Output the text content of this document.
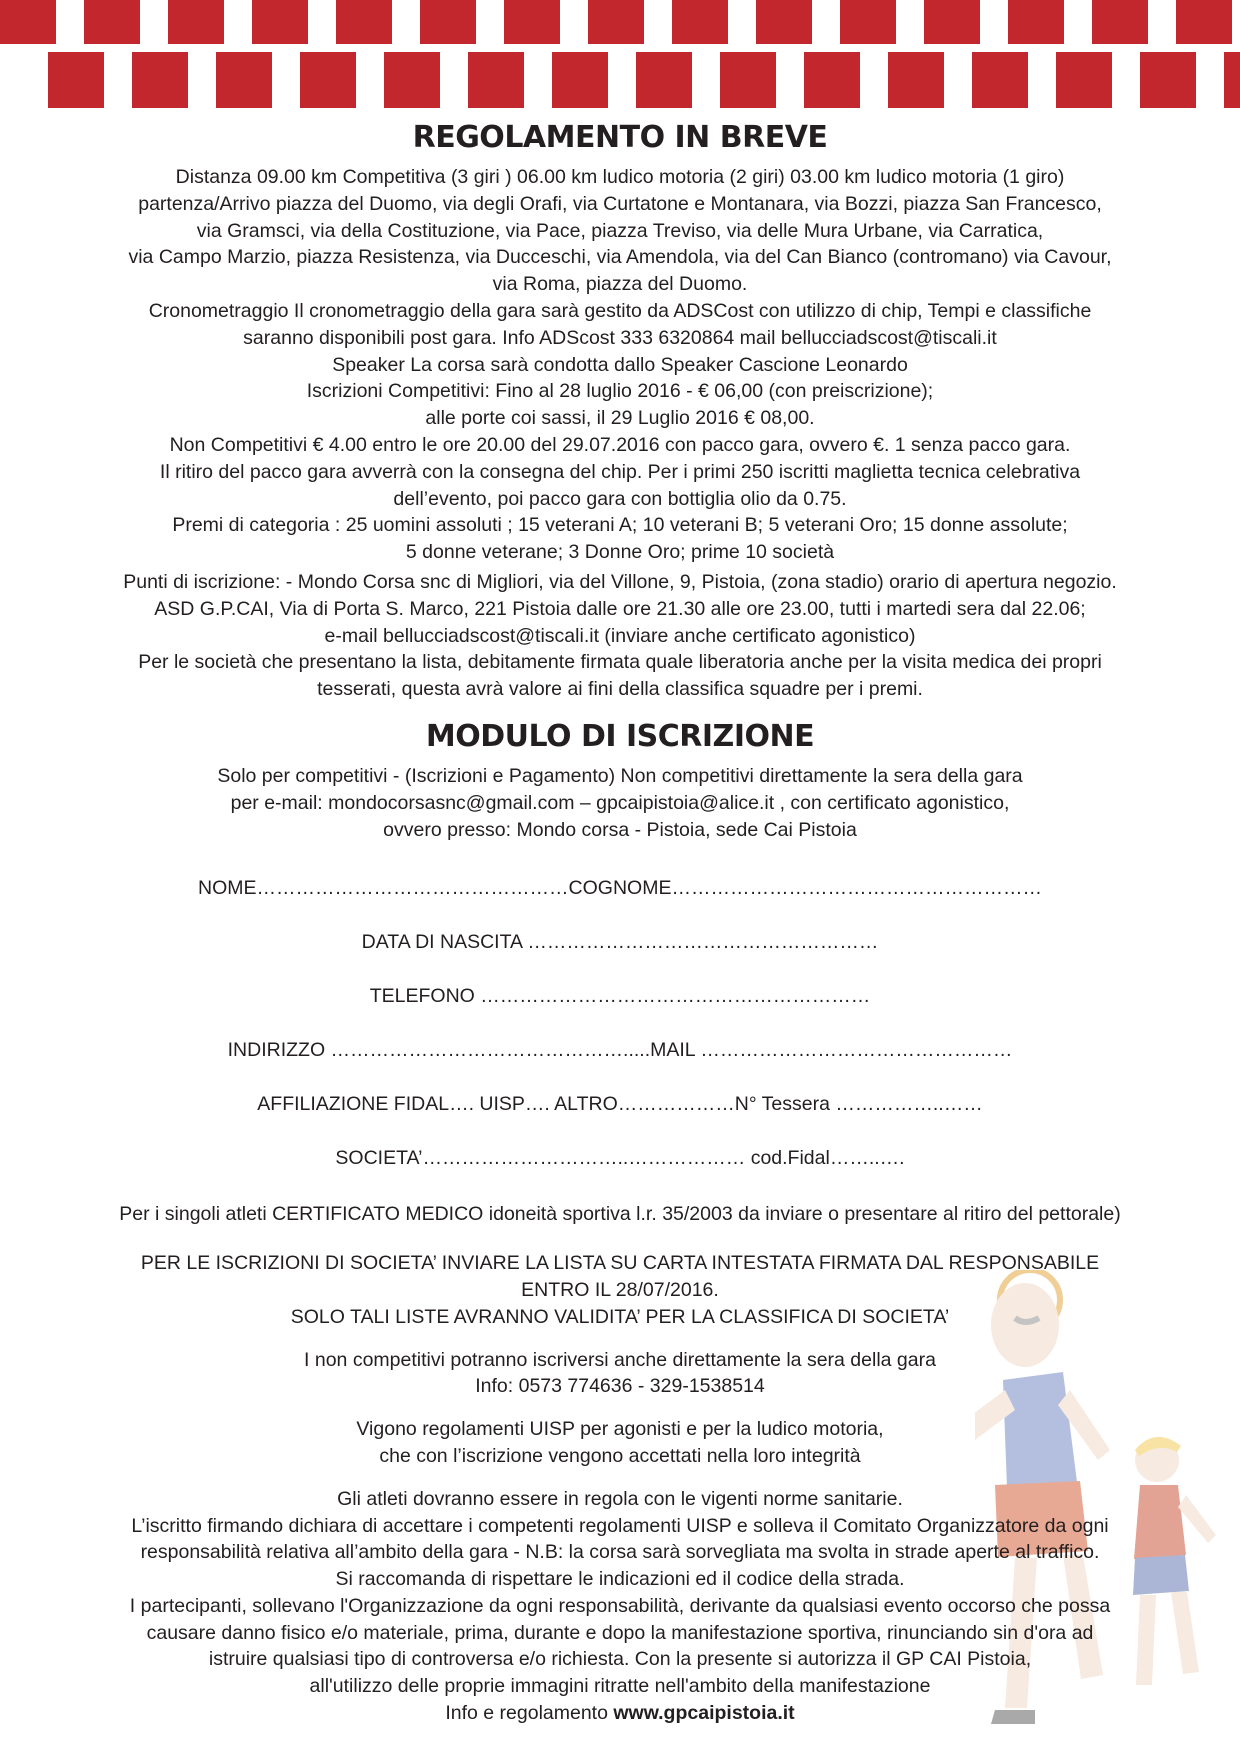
REGOLAMENTO IN BREVE

Distanza 09.00 km Competitiva (3 giri ) 06.00 km ludico motoria (2 giri) 03.00 km ludico motoria (1 giro)

partenza/Arrivo piazza del Duomo, via degli Orafi, via Curtatone e Montanara, via Bozzi, piazza San Francesco,

via Gramsci, via della Costituzione, via Pace, piazza Treviso, via delle Mura Urbane, via Carratica,

via Campo Marzio, piazza Resistenza, via Ducceschi, via Amendola, via del Can Bianco (contromano) via Cavour,

via Roma, piazza del Duomo.

Cronometraggio Il cronometraggio della gara sarà gestito da ADSCost con utilizzo di chip, Tempi e classifiche

saranno disponibili post gara. Info ADScost 333 6320864 mail bellucciadscost@tiscali.it

Speaker La corsa sarà condotta dallo Speaker Cascione Leonardo

Iscrizioni Competitivi: Fino al 28 luglio 2016 - € 06,00 (con preiscrizione);

alle porte coi sassi, il 29 Luglio 2016 € 08,00.

Non Competitivi € 4.00 entro le ore 20.00 del 29.07.2016 con pacco gara, ovvero €. 1 senza pacco gara.

Il ritiro del pacco gara avverrà con la consegna del chip. Per i primi 250 iscritti maglietta tecnica celebrativa

dell’evento, poi pacco gara con bottiglia olio da 0.75.

Premi di categoria : 25 uomini assoluti ; 15 veterani A; 10 veterani B; 5 veterani Oro; 15 donne assolute;

5 donne veterane; 3 Donne Oro; prime 10 società

Punti di iscrizione: - Mondo Corsa snc di Migliori, via del Villone, 9, Pistoia, (zona stadio) orario di apertura negozio.

ASD G.P.CAI, Via di Porta S. Marco, 221 Pistoia dalle ore 21.30 alle ore 23.00, tutti i martedi sera dal 22.06;

e-mail bellucciadscost@tiscali.it (inviare anche certificato agonistico)

Per le società che presentano la lista, debitamente firmata quale liberatoria anche per la visita medica dei propri

tesserati, questa avrà valore ai fini della classifica squadre per i premi.

MODULO DI ISCRIZIONE

Solo per competitivi - (Iscrizioni e Pagamento) Non competitivi direttamente la sera della gara

per e-mail: mondocorsasnc@gmail.com – gpcaipistoia@alice.it , con certificato agonistico,

ovvero presso: Mondo corsa - Pistoia, sede Cai Pistoia

NOME…………………………………………COGNOME…………………………………………………

DATA DI NASCITA ………………………………………………

TELEFONO ……………………………………………………

INDIRIZZO ……………………………………….....MAIL …………………………………………

AFFILIAZIONE FIDAL…. UISP…. ALTRO………………N° Tessera ……………..……

SOCIETA’…………………………..……………… cod.Fidal……..….

Per i singoli atleti CERTIFICATO MEDICO idoneità sportiva l.r. 35/2003 da inviare o presentare al ritiro del pettorale)

PER LE ISCRIZIONI DI SOCIETA’ INVIARE LA LISTA SU CARTA INTESTATA FIRMATA DAL RESPONSABILE

ENTRO IL 28/07/2016.

SOLO TALI LISTE AVRANNO VALIDITA’ PER LA CLASSIFICA DI SOCIETA’

I non competitivi potranno iscriversi anche direttamente la sera della gara

Info: 0573 774636 - 329-1538514

Vigono regolamenti UISP per agonisti e per la ludico motoria,

che con l’iscrizione vengono accettati nella loro integrità

Gli atleti dovranno essere in regola con le vigenti norme sanitarie.

L’iscritto firmando dichiara di accettare i competenti regolamenti UISP e solleva il Comitato Organizzatore da ogni

responsabilità relativa all’ambito della gara - N.B: la corsa sarà sorvegliata ma svolta in strade aperte al traffico.

Si raccomanda di rispettare le indicazioni ed il codice della strada.

I partecipanti, sollevano l'Organizzazione da ogni responsabilità, derivante da qualsiasi evento occorso che possa

causare danno fisico e/o materiale, prima, durante e dopo la manifestazione sportiva, rinunciando sin d'ora ad

istruire qualsiasi tipo di controversa e/o richiesta. Con la presente si autorizza il GP CAI Pistoia,

all'utilizzo delle proprie immagini ritratte nell'ambito della manifestazione

Info e regolamento www.gpcaipistoia.it
